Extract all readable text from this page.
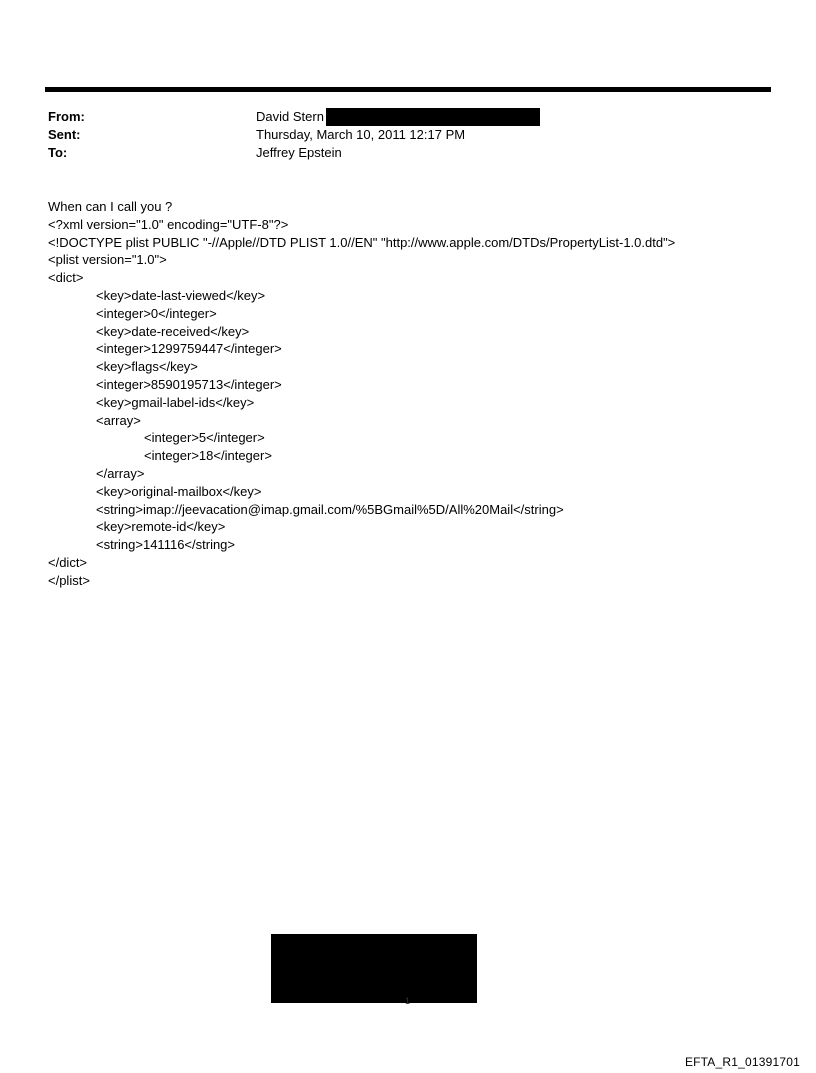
From:	David Stern
Sent:	Thursday, March 10, 2011 12:17 PM
To:	Jeffrey Epstein
When can I call you ?
<?xml version="1.0" encoding="UTF-8"?>
<!DOCTYPE plist PUBLIC "-//Apple//DTD PLIST 1.0//EN" "http://www.apple.com/DTDs/PropertyList-1.0.dtd">
<plist version="1.0">
<dict>
<key>date-last-viewed</key>
<integer>0</integer>
<key>date-received</key>
<integer>1299759447</integer>
<key>flags</key>
<integer>8590195713</integer>
<key>gmail-label-ids</key>
<array>
<integer>5</integer>
<integer>18</integer>
</array>
<key>original-mailbox</key>
<string>imap://jeevacation@imap.gmail.com/%5BGmail%5D/All%20Mail</string>
<key>remote-id</key>
<string>141116</string>
</dict>
</plist>
1
EFTA_R1_01391701
